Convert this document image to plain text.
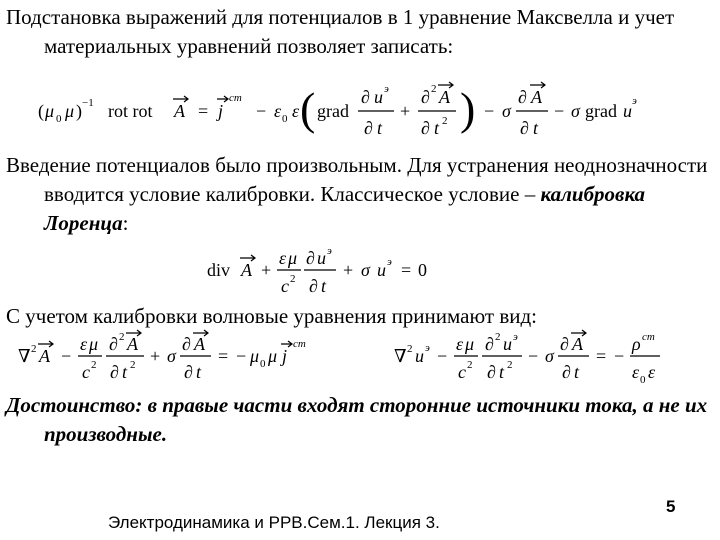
Подстановка выражений для потенциалов в 1 уравнение Максвелла и учет материальных уравнений позволяет записать:
( μ 0 μ ) −1 rot rot A = j
cm
− ε 0 ε ( grad
∂ u э
∂ t
+
∂ 2 A
∂ t 2 ) − σ
∂ A
∂ t
− σ grad u э
Введение потенциалов было произвольным. Для устранения неоднозначности вводится условие калибровки. Классическое условие – калибровка Лоренца:
div A +
ε μ
c 2
∂ u э
∂ t
+ σ u э = 0
С учетом калибровки волновые уравнения принимают вид:
∇ 2 A −
ε μ
c 2
∂ 2 A
∂ t 2 + σ
∂ A
∂ t
= − μ 0 μ j
cm
∇ 2 u э −
ε μ
c 2
∂ 2 u э
∂ t 2 − σ
∂ A
∂ t
= −
ρ ст
ε 0 ε
Достоинство: в правые части входят сторонние источники тока, а не их производные.
Электродинамика и РРВ.Сем.1. Лекция 3.
5
